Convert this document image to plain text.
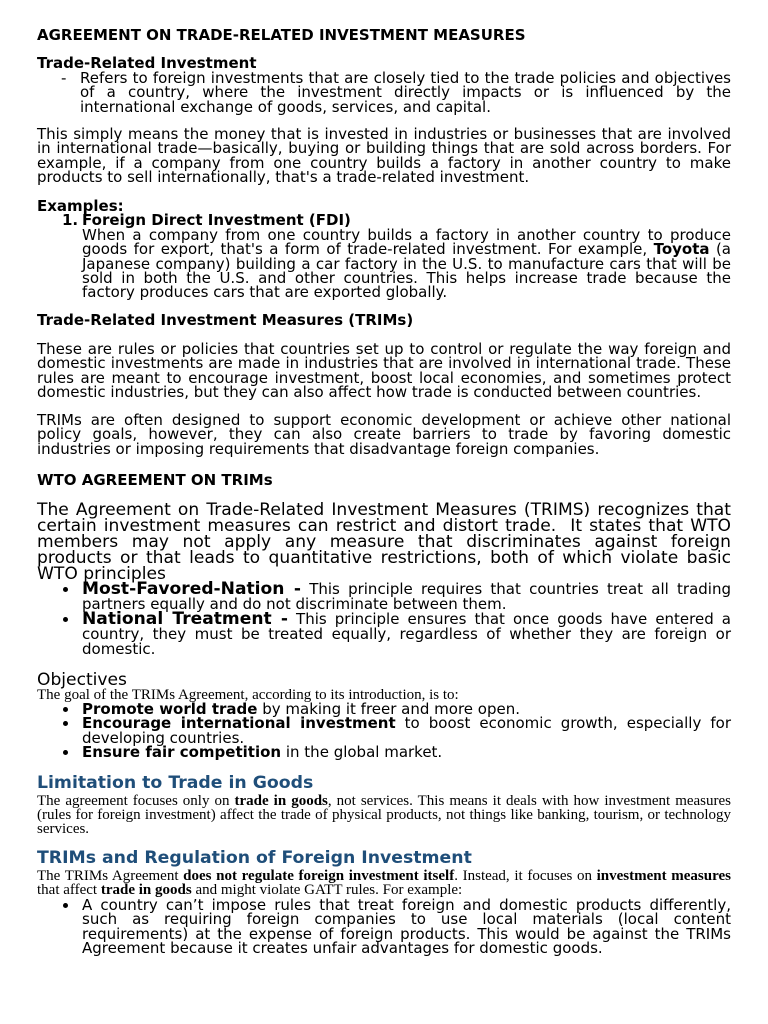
AGREEMENT ON TRADE-RELATED INVESTMENT MEASURES
Trade-Related Investment
- Refers to foreign investments that are closely tied to the trade policies and objectives of a country, where the investment directly impacts or is influenced by the international exchange of goods, services, and capital.

This simply means the money that is invested in industries or businesses that are involved in international trade—basically, buying or building things that are sold across borders. For example, if a company from one country builds a factory in another country to make products to sell internationally, that's a trade-related investment.

Examples:
1. Foreign Direct Investment (FDI)
When a company from one country builds a factory in another country to produce goods for export, that's a form of trade-related investment. For example, Toyota (a Japanese company) building a car factory in the U.S. to manufacture cars that will be sold in both the U.S. and other countries. This helps increase trade because the factory produces cars that are exported globally.
Trade-Related Investment Measures (TRIMs)

These are rules or policies that countries set up to control or regulate the way foreign and domestic investments are made in industries that are involved in international trade. These rules are meant to encourage investment, boost local economies, and sometimes protect domestic industries, but they can also affect how trade is conducted between countries.

TRIMs are often designed to support economic development or achieve other national policy goals, however, they can also create barriers to trade by favoring domestic industries or imposing requirements that disadvantage foreign companies.

WTO AGREEMENT ON TRIMs

The Agreement on Trade-Related Investment Measures (TRIMS) recognizes that certain investment measures can restrict and distort trade.  It states that WTO members may not apply any measure that discriminates against foreign products or that leads to quantitative restrictions, both of which violate basic WTO principles

Most-Favored-Nation - This principle requires that countries treat all trading partners equally and do not discriminate between them.
National Treatment - This principle ensures that once goods have entered a country, they must be treated equally, regardless of whether they are foreign or domestic.
Objectives

The goal of the TRIMs Agreement, according to its introduction, is to:

Promote world trade by making it freer and more open.
Encourage international investment to boost economic growth, especially for developing countries.
Ensure fair competition in the global market.
Limitation to Trade in Goods

The agreement focuses only on trade in goods, not services. This means it deals with how investment measures (rules for foreign investment) affect the trade of physical products, not things like banking, tourism, or technology services.

TRIMs and Regulation of Foreign Investment

The TRIMs Agreement does not regulate foreign investment itself. Instead, it focuses on investment measures that affect trade in goods and might violate GATT rules. For example:

A country can’t impose rules that treat foreign and domestic products differently, such as requiring foreign companies to use local materials (local content requirements) at the expense of foreign products. This would be against the TRIMs Agreement because it creates unfair advantages for domestic goods.
